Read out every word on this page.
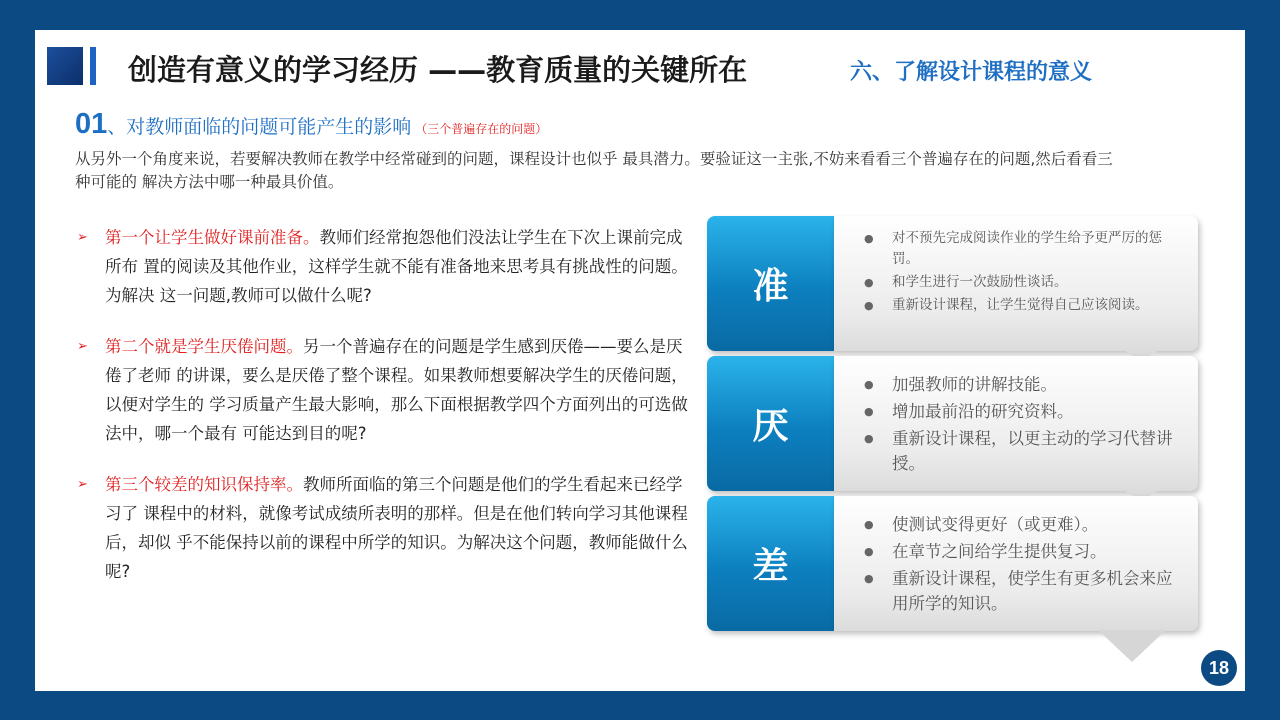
创造有意义的学习经历 ——教育质量的关键所在	六、了解设计课程的意义
01、对教师面临的问题可能产生的影响 （三个普遍存在的问题）
从另外一个角度来说，若要解决教师在教学中经常碰到的问题，课程设计也似乎 最具潜力。要验证这一主张,不妨来看看三个普遍存在的问题,然后看看三种可能的 解决方法中哪一种最具价值。
➢ 第一个让学生做好课前准备。教师们经常抱怨他们没法让学生在下次上课前完成所布 置的阅读及其他作业，这样学生就不能有准备地来思考具有挑战性的问题。为解决 这一问题,教师可以做什么呢?
➢ 第二个就是学生厌倦问题。另一个普遍存在的问题是学生感到厌倦——要么是厌倦了老师 的讲课，要么是厌倦了整个课程。如果教师想要解决学生的厌倦问题，以便对学生的 学习质量产生最大影响，那么下面根据教学四个方面列出的可选做法中，哪一个最有 可能达到目的呢?
➢ 第三个较差的知识保持率。教师所面临的第三个问题是他们的学生看起来已经学习了 课程中的材料，就像考试成绩所表明的那样。但是在他们转向学习其他课程后，却似 乎不能保持以前的课程中所学的知识。为解决这个问题，教师能做什么呢?
准
● 对不预先完成阅读作业的学生给予更严厉的惩罚。
● 和学生进行一次鼓励性谈话。
● 重新设计课程，让学生觉得自己应该阅读。
厌
● 加强教师的讲解技能。
● 增加最前沿的研究资料。
● 重新设计课程，以更主动的学习代替讲授。
差
● 使测试变得更好（或更难）。
● 在章节之间给学生提供复习。
● 重新设计课程，使学生有更多机会来应用所学的知识。
18
